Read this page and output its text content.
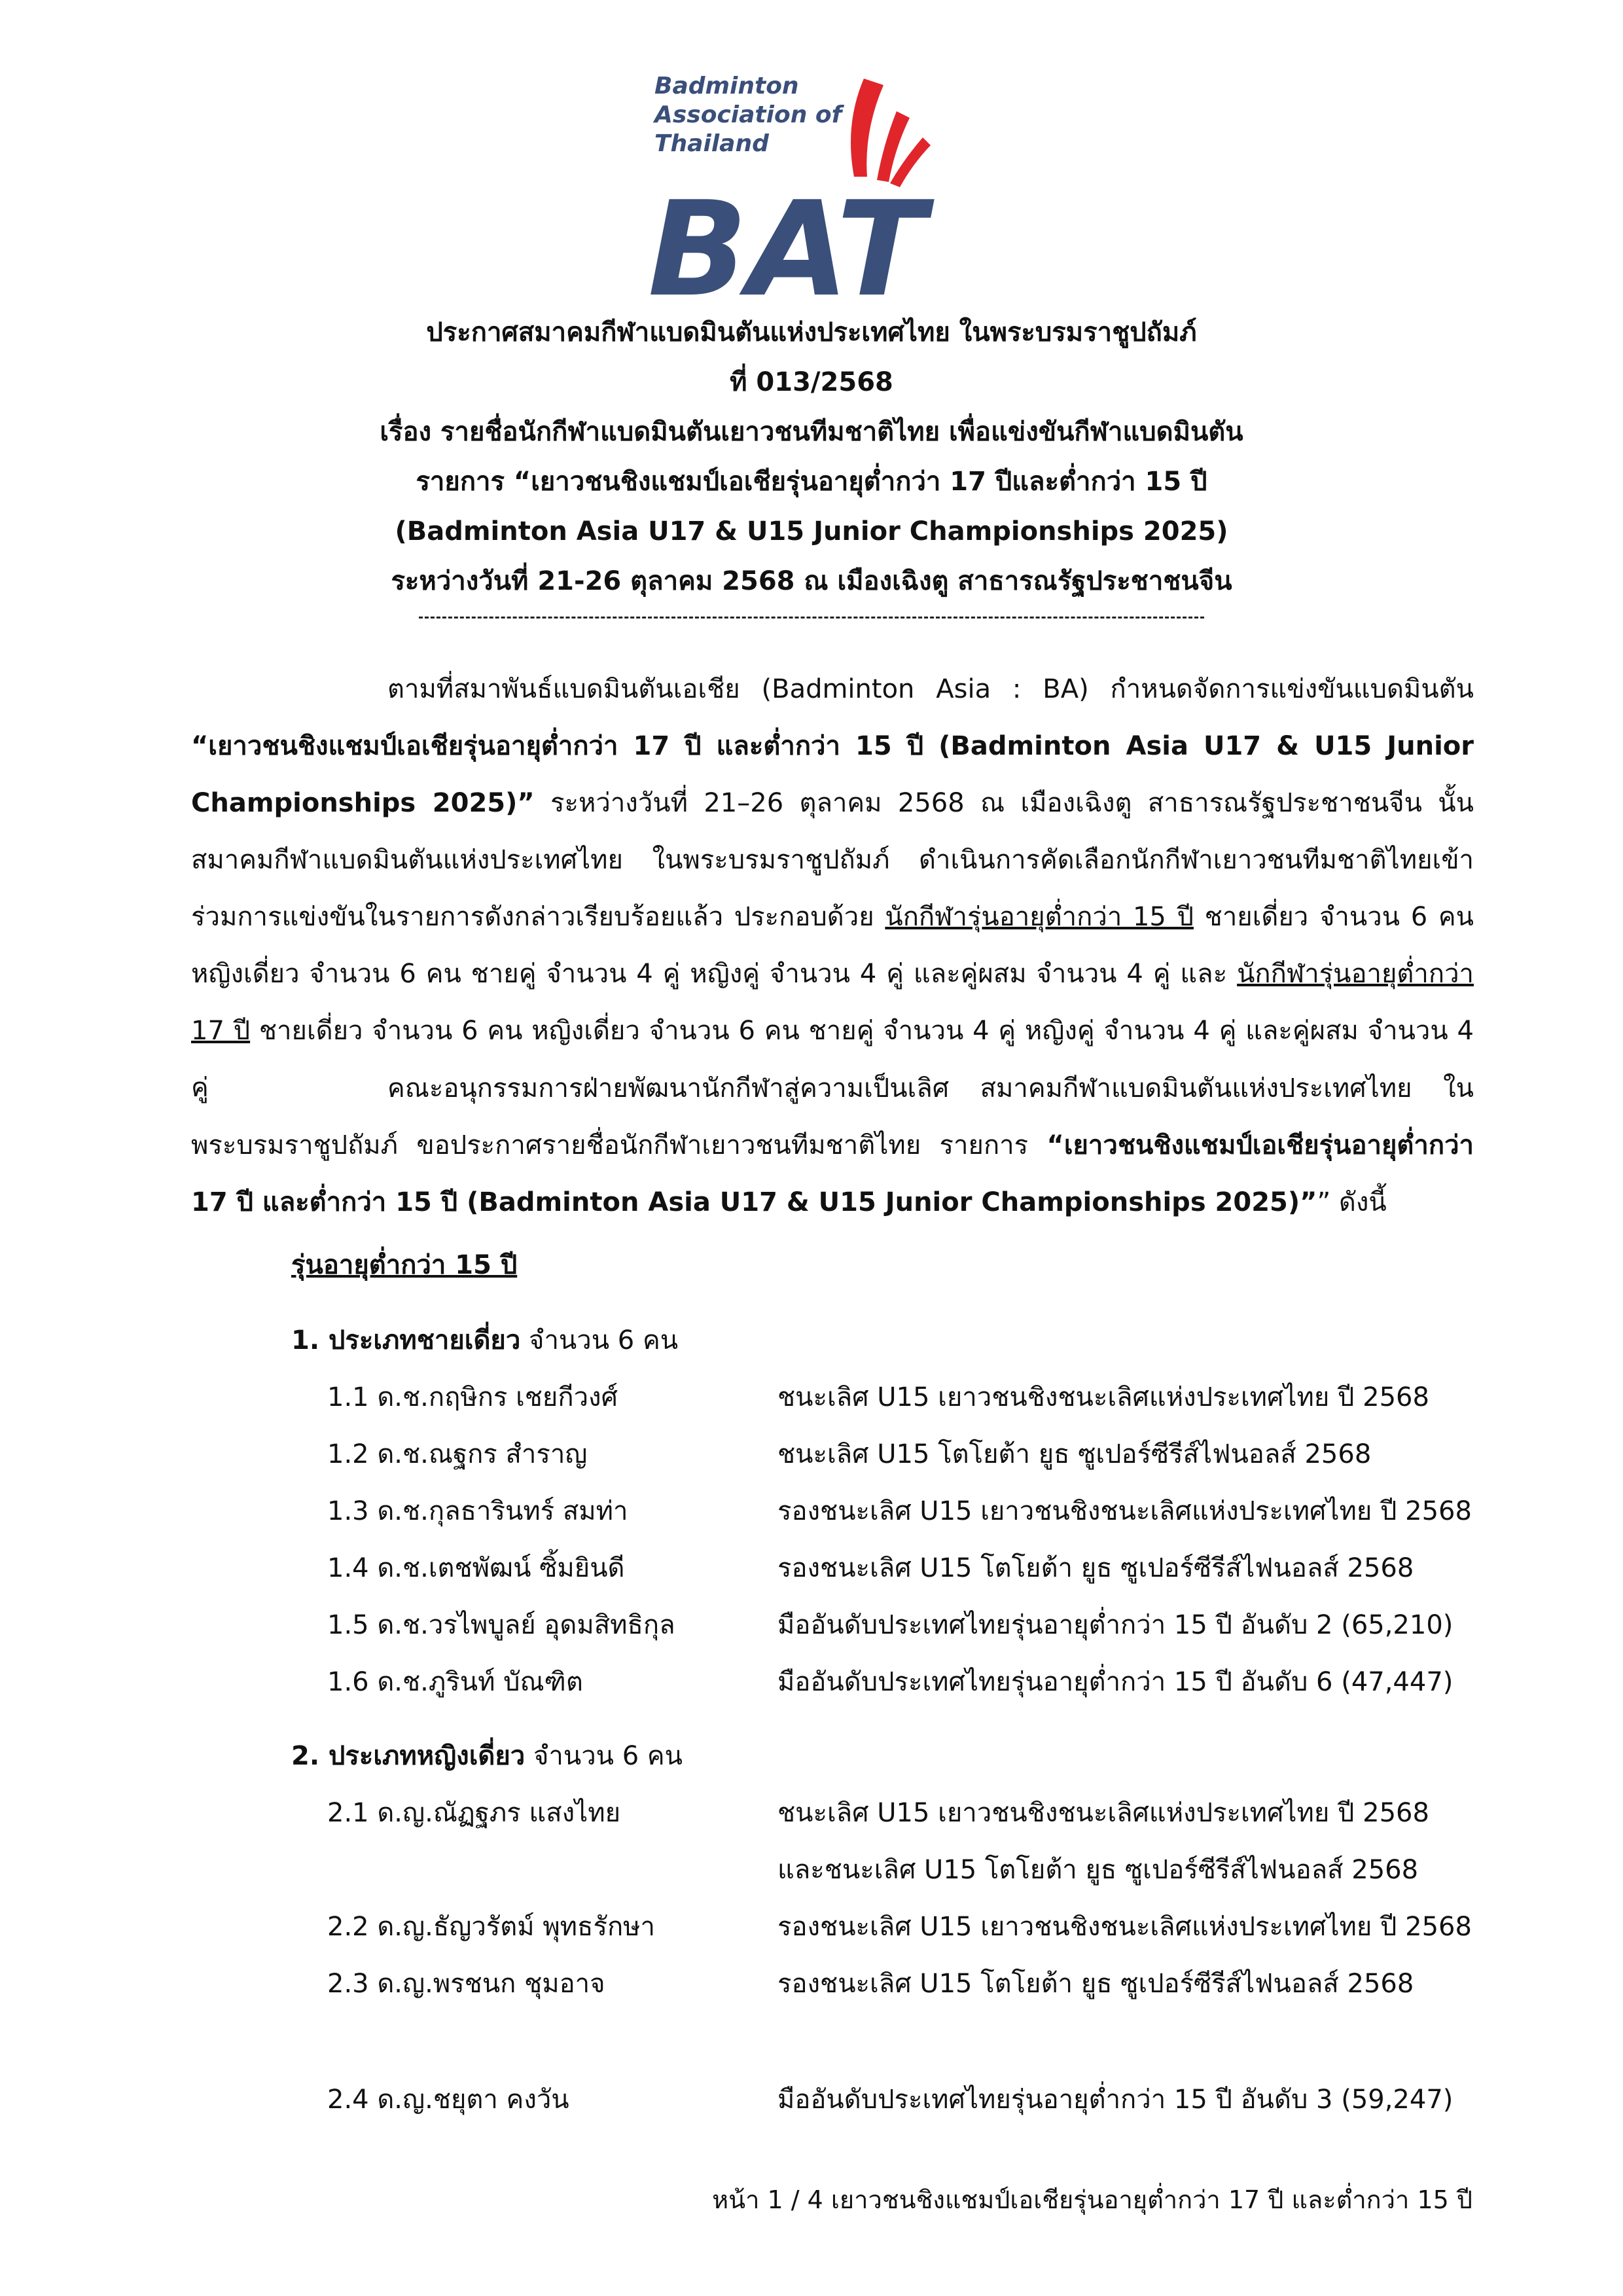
BAT
Badminton
Association of
Thailand
ประกาศสมาคมกีฬาแบดมินตันแห่งประเทศไทย ในพระบรมราชูปถัมภ์
ที่ 013/2568
เรื่อง รายชื่อนักกีฬาแบดมินตันเยาวชนทีมชาติไทย เพื่อแข่งขันกีฬาแบดมินตัน
รายการ “เยาวชนชิงแชมป์เอเชียรุ่นอายุต่ำกว่า 17 ปีและต่ำกว่า 15 ปี
(Badminton Asia U17 & U15 Junior Championships 2025)
ระหว่างวันที่ 21-26 ตุลาคม 2568 ณ เมืองเฉิงตู สาธารณรัฐประชาชนจีน
ตามที่สมาพันธ์แบดมินตันเอเชีย (Badminton Asia : BA) กำหนดจัดการแข่งขันแบดมินตัน “เยาวชนชิงแชมป์เอเชียรุ่นอายุต่ำกว่า 17 ปี และต่ำกว่า 15 ปี (Badminton Asia U17 & U15 Junior Championships 2025)” ระหว่างวันที่ 21–26 ตุลาคม 2568 ณ เมืองเฉิงตู สาธารณรัฐประชาชนจีน นั้น สมาคมกีฬาแบดมินตันแห่งประเทศไทย ในพระบรมราชูปถัมภ์ ดำเนินการคัดเลือกนักกีฬาเยาวชนทีมชาติไทยเข้าร่วมการแข่งขันในรายการดังกล่าวเรียบร้อยแล้ว ประกอบด้วย นักกีฬารุ่นอายุต่ำกว่า 15 ปี ชายเดี่ยว จำนวน 6 คน หญิงเดี่ยว จำนวน 6 คน ชายคู่ จำนวน 4 คู่ หญิงคู่ จำนวน 4 คู่ และคู่ผสม จำนวน 4 คู่ และ นักกีฬารุ่นอายุต่ำกว่า 17 ปี ชายเดี่ยว จำนวน 6 คน หญิงเดี่ยว จำนวน 6 คน ชายคู่ จำนวน 4 คู่ หญิงคู่ จำนวน 4 คู่ และคู่ผสม จำนวน 4 คู่	คณะอนุกรรมการฝ่ายพัฒนานักกีฬาสู่ความเป็นเลิศ สมาคมกีฬาแบดมินตันแห่งประเทศไทย ในพระบรมราชูปถัมภ์ ขอประกาศรายชื่อนักกีฬาเยาวชนทีมชาติไทย รายการ “เยาวชนชิงแชมป์เอเชียรุ่นอายุต่ำกว่า 17 ปี และต่ำกว่า 15 ปี (Badminton Asia U17 & U15 Junior Championships 2025)”” ดังนี้
รุ่นอายุต่ำกว่า 15 ปี
1. ประเภทชายเดี่ยว จำนวน 6 คน
1.1 ด.ช.กฤษิกร เชยกีวงศ์	ชนะเลิศ U15 เยาวชนชิงชนะเลิศแห่งประเทศไทย ปี 2568
1.2 ด.ช.ณฐกร สำราญ	ชนะเลิศ U15 โตโยต้า ยูธ ซูเปอร์ซีรีส์ไฟนอลส์ 2568
1.3 ด.ช.กุลธารินทร์ สมท่า	รองชนะเลิศ U15 เยาวชนชิงชนะเลิศแห่งประเทศไทย ปี 2568
1.4 ด.ช.เตชพัฒน์ ซิ้มยินดี	รองชนะเลิศ U15 โตโยต้า ยูธ ซูเปอร์ซีรีส์ไฟนอลส์ 2568
1.5 ด.ช.วรไพบูลย์ อุดมสิทธิกุล	มืออันดับประเทศไทยรุ่นอายุต่ำกว่า 15 ปี อันดับ 2 (65,210)
1.6 ด.ช.ภูรินท์ บัณฑิต	มืออันดับประเทศไทยรุ่นอายุต่ำกว่า 15 ปี อันดับ 6 (47,447)
2. ประเภทหญิงเดี่ยว จำนวน 6 คน
2.1 ด.ญ.ณัฏฐภร แสงไทย	ชนะเลิศ U15 เยาวชนชิงชนะเลิศแห่งประเทศไทย ปี 2568
และชนะเลิศ U15 โตโยต้า ยูธ ซูเปอร์ซีรีส์ไฟนอลส์ 2568
2.2 ด.ญ.ธัญวรัตม์ พุทธรักษา	รองชนะเลิศ U15 เยาวชนชิงชนะเลิศแห่งประเทศไทย ปี 2568
2.3 ด.ญ.พรชนก ชุมอาจ	รองชนะเลิศ U15 โตโยต้า ยูธ ซูเปอร์ซีรีส์ไฟนอลส์ 2568
2.4 ด.ญ.ชยุตา คงวัน	มืออันดับประเทศไทยรุ่นอายุต่ำกว่า 15 ปี อันดับ 3 (59,247)
หน้า 1 / 4 เยาวชนชิงแชมป์เอเชียรุ่นอายุต่ำกว่า 17 ปี และต่ำกว่า 15 ปี
